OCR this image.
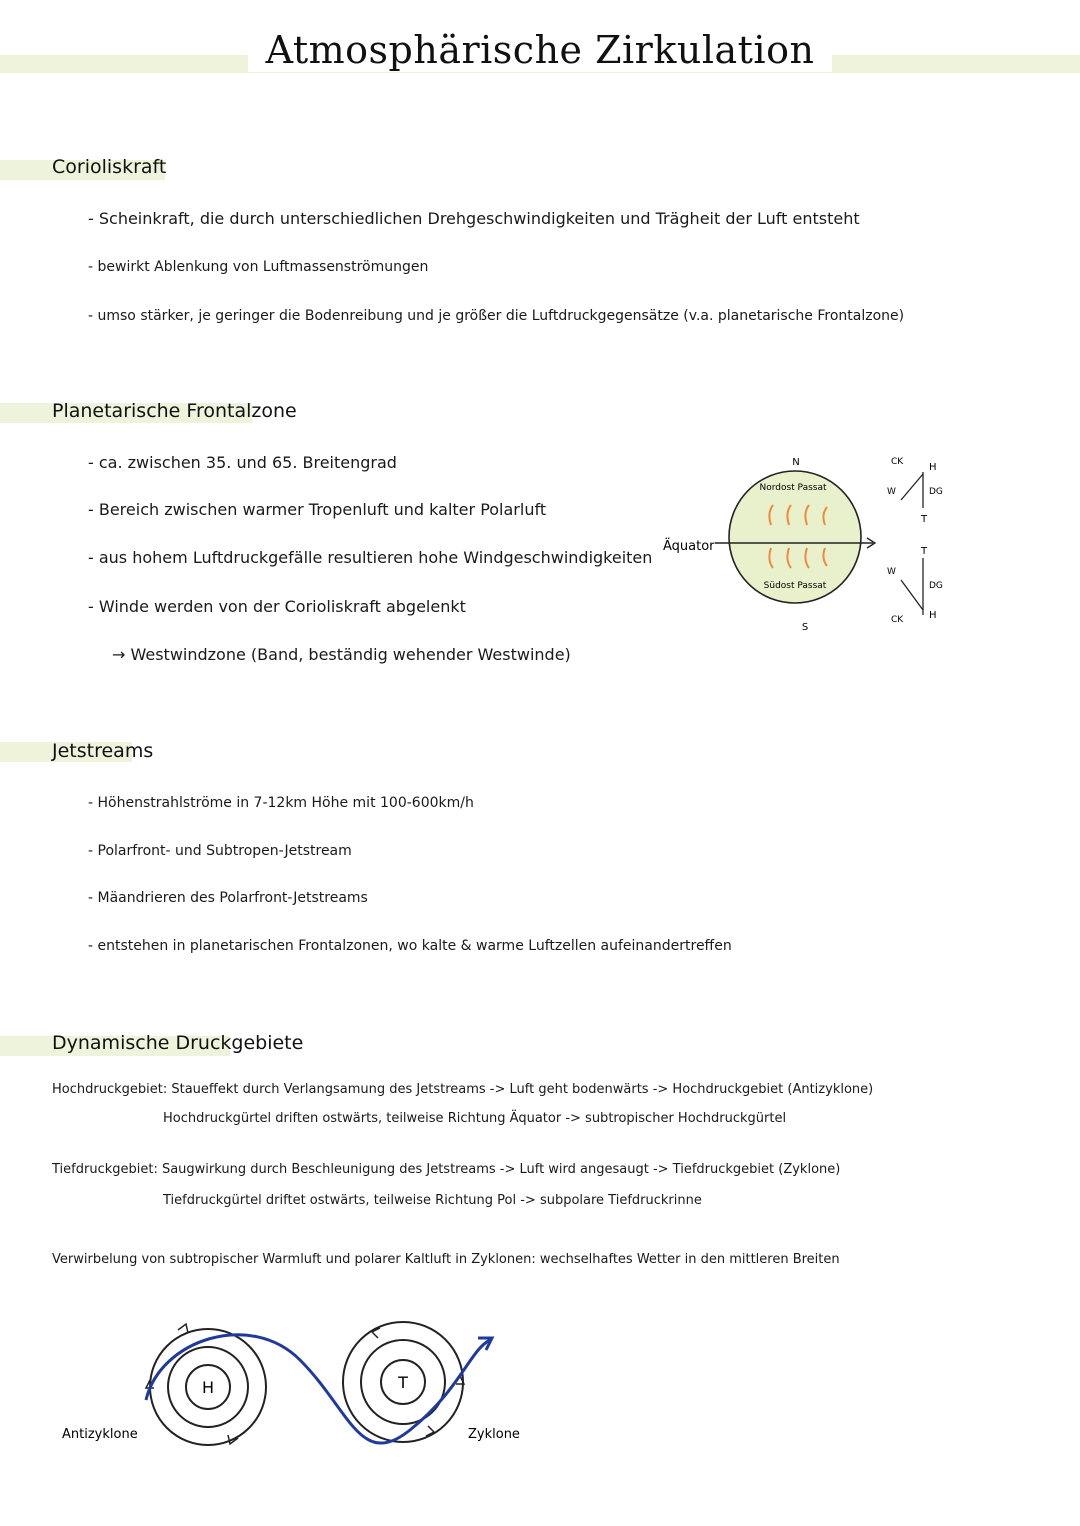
Atmosphärische Zirkulation
Corioliskraft
- Scheinkraft, die durch unterschiedlichen Drehgeschwindigkeiten und Trägheit der Luft entsteht
- bewirkt Ablenkung von Luftmassenströmungen
- umso stärker, je geringer die Bodenreibung und je größer die Luftdruckgegensätze (v.a. planetarische Frontalzone)
Planetarische Frontalzone
- ca. zwischen 35. und 65. Breitengrad
- Bereich zwischen warmer Tropenluft und kalter Polarluft
- aus hohem Luftdruckgefälle resultieren hohe Windgeschwindigkeiten
- Winde werden von der Corioliskraft abgelenkt
→ Westwindzone (Band, beständig wehender Westwinde)
N
Nordost Passat
Äquator
Südost Passat
S
CK	H
W	DG
T
T
DG
W
CK	H
Jetstreams
- Höhenstrahlströme in 7-12km Höhe mit 100-600km/h
- Polarfront- und Subtropen-Jetstream
- Mäandrieren des Polarfront-Jetstreams
- entstehen in planetarischen Frontalzonen, wo kalte & warme Luftzellen aufeinandertreffen
Dynamische Druckgebiete
Hochdruckgebiet: Staueffekt durch Verlangsamung des Jetstreams -> Luft geht bodenwärts -> Hochdruckgebiet (Antizyklone)
Hochdruckgürtel driften ostwärts, teilweise Richtung Äquator -> subtropischer Hochdruckgürtel
Tiefdruckgebiet: Saugwirkung durch Beschleunigung des Jetstreams -> Luft wird angesaugt -> Tiefdruckgebiet (Zyklone)
Tiefdruckgürtel driftet ostwärts, teilweise Richtung Pol -> subpolare Tiefdruckrinne
Verwirbelung von subtropischer Warmluft und polarer Kaltluft in Zyklonen: wechselhaftes Wetter in den mittleren Breiten
H	T
Antizyklone	Zyklone
